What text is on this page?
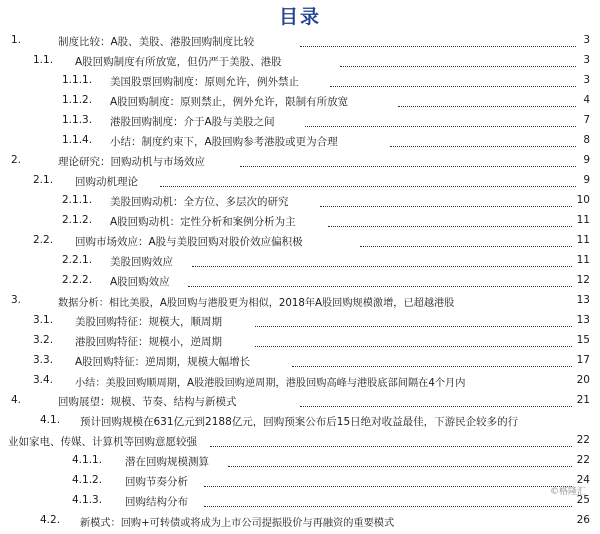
目录
1.	制度比较：A股、美股、港股回购制度比较	3
1.1. A股回购制度有所放宽，但仍严于美股、港股	3
1.1.1. 美国股票回购制度：原则允许，例外禁止	3
1.1.2. A股回购制度：原则禁止，例外允许，限制有所放宽	4
1.1.3. 港股回购制度：介于A股与美股之间	7
1.1.4. 小结：制度约束下，A股回购参考港股或更为合理	8
2.	理论研究：回购动机与市场效应	9
2.1. 回购动机理论	9
2.1.1. 美股回购动机：全方位、多层次的研究	10
2.1.2. A股回购动机：定性分析和案例分析为主	11
2.2. 回购市场效应：A股与美股回购对股价效应偏积极	11
2.2.1. 美股回购效应	11
2.2.2. A股回购效应	12
3.	数据分析：相比美股，A股回购与港股更为相似，2018年A股回购规模激增，已超越港股	13
3.1. 美股回购特征：规模大，顺周期	13
3.2. 港股回购特征：规模小，逆周期	15
3.3. A股回购特征：逆周期，规模大幅增长	17
3.4. 小结：美股回购顺周期，A股港股回购逆周期，港股回购高峰与港股底部间隔在4个月内	20
4.	回购展望：规模、节奏、结构与新模式	21
4.1. 预计回购规模在631亿元到2188亿元，回购预案公布后15日绝对收益最佳，下游民企较多的行
业如家电、传媒、计算机等回购意愿较强	22
4.1.1. 潜在回购规模测算	22
4.1.2. 回购节奏分析	24
4.1.3. 回购结构分布	25
4.2. 新模式：回购+可转债或将成为上市公司提振股价与再融资的重要模式	26
©格隆汇
